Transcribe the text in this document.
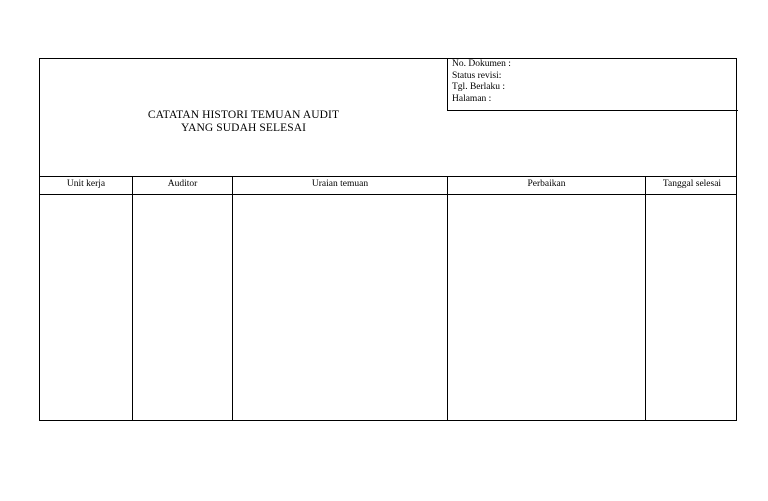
CATATAN HISTORI TEMUAN AUDIT
YANG SUDAH SELESAI
No. Dokumen :
Status revisi:
Tgl. Berlaku :
Halaman :
Unit kerja	Auditor	Uraian temuan	Perbaikan	Tanggal selesai
